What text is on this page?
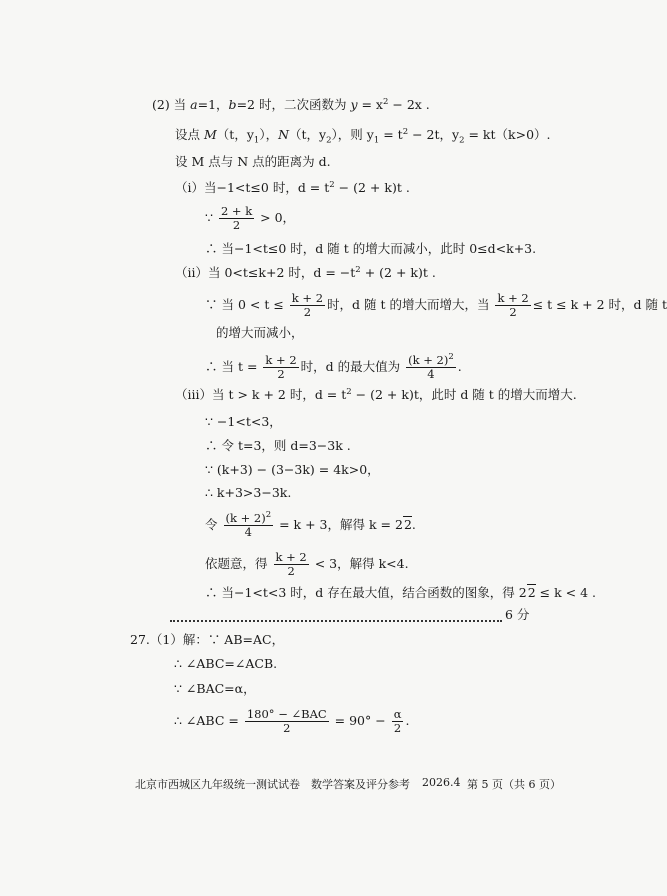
(2) 当 a=1，b=2 时，二次函数为 $y = x^2 - 2x$ .
设点 M（t，$y_1$），N（t，$y_2$），则 $y_1 = t^2 - 2t$，$y_2 = kt(k>0)$.
设 M 点与 N 点的距离为 d.
（i）当−1<t≤0 时，$d = t^2 - (2 + k)t$ .
∵ $\frac{2 + k}{2} > 0$，
∴ 当−1<t≤0 时，d 随 t 的增大而减小，此时 0≤d<k+3.
（ii）当 0<t≤k+2 时，$d = -t^2 + (2 + k)t$ .
∵ 当 $0 < t \le \frac{k + 2}{2}$ 时，d 随 t 的增大而增大，当 $\frac{k + 2}{2} \le t \le k + 2$ 时，d 随 t
的增大而减小，
∴ 当 $t = \frac{k + 2}{2}$ 时，d 的最大值为 $\frac{(k + 2)^2}{4}$ .
（iii）当 t > k + 2 时，$d = t^2 - (2 + k)t$，此时 d 随 t 的增大而增大.
∵ −1<t<3，
∴ 令 t=3，则 d=3−3k .
∵ (k+3) − (3−3k) = 4k>0，
∴ k+3>3−3k.
令 $\frac{(k + 2)^2}{4} = k + 3$，解得 k = 22.
依题意，得 $\frac{k + 2}{2} < 3$，解得 k<4.
∴ 当−1<t<3 时，d 存在最大值，结合函数的图象，得 22 ≤ k < 4 .
6 分
27.（1）解：∵ AB=AC，
∴ ∠ABC=∠ACB.
∵ ∠BAC=α，
∴ ∠ABC = $\frac{\text{180° − ∠BAC}}{2} = 90^\circ - \frac{\alpha}{2}$ .
北京市西城区九年级统一测试试卷 数学答案及评分参考 2026.4 第 5 页（共 6 页）
